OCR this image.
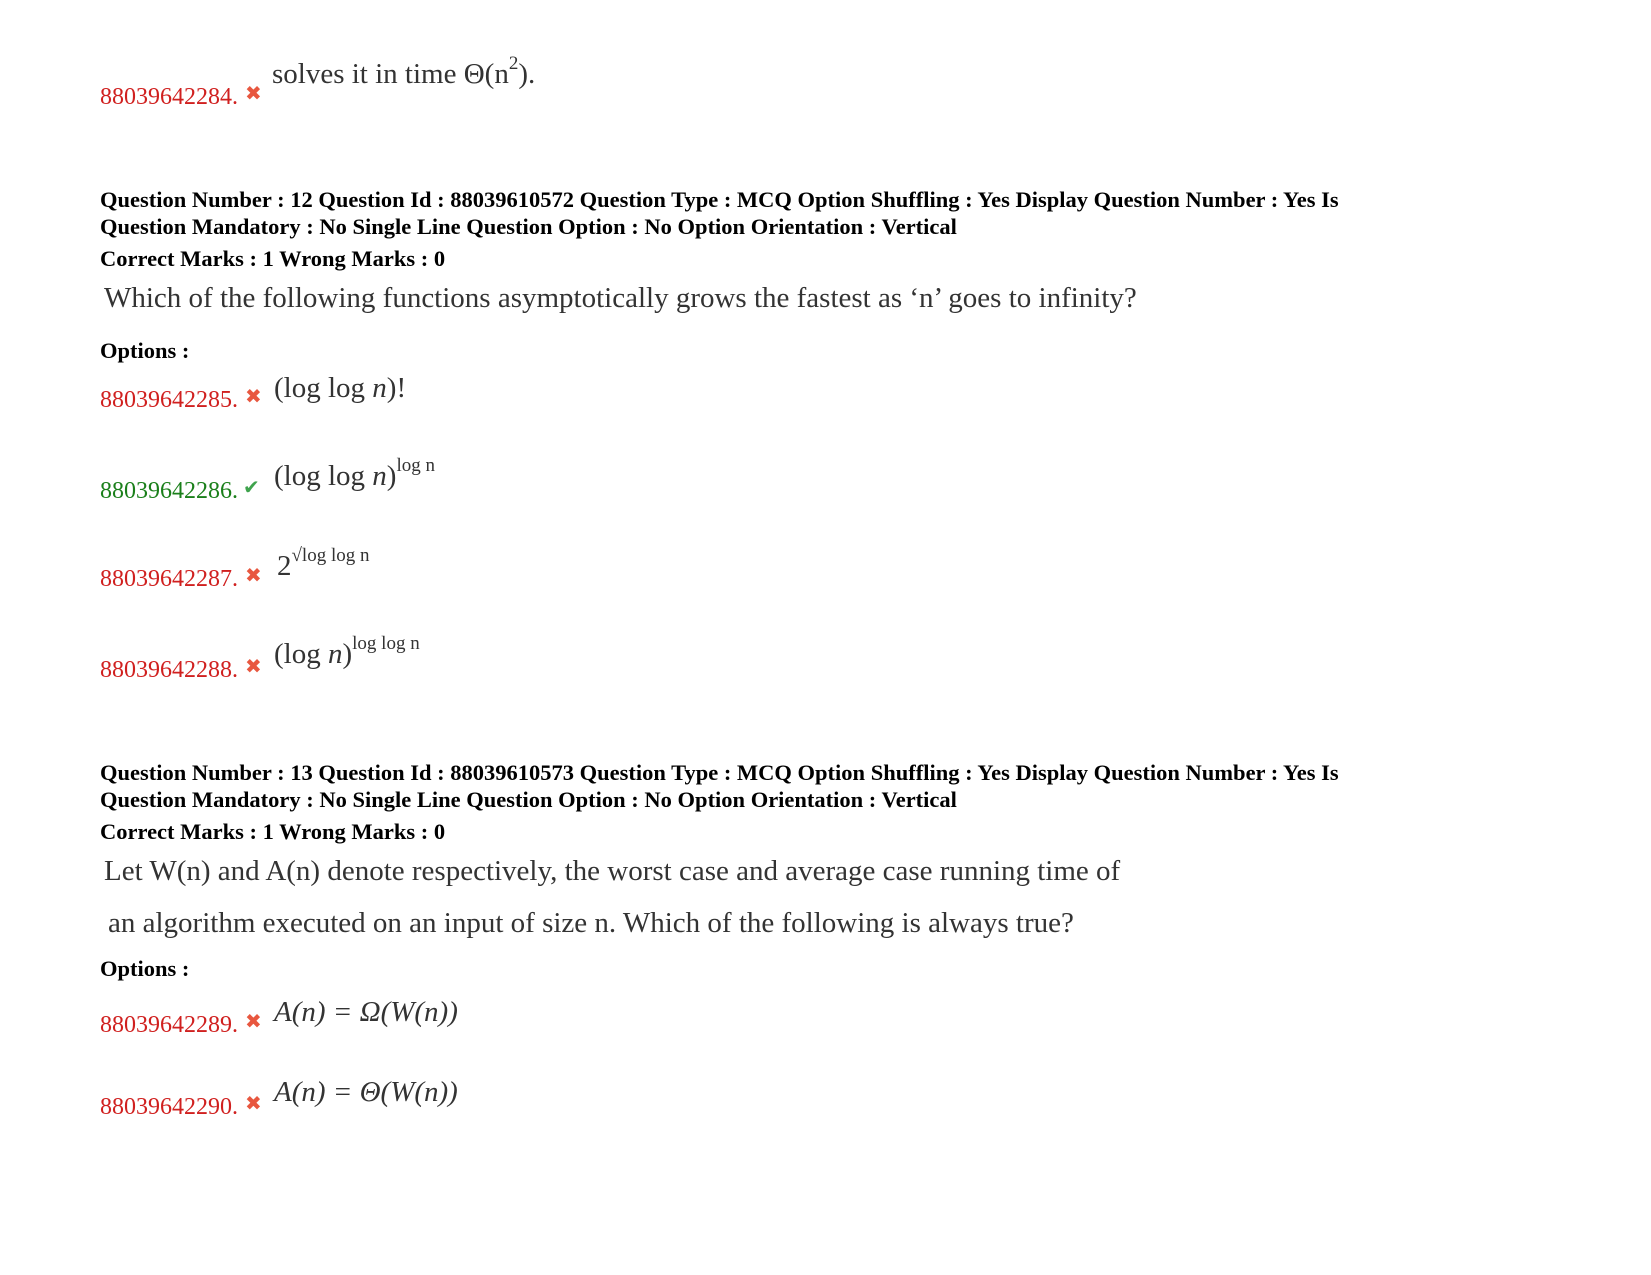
88039642284. ✖
solves it in time $\Theta(n^2)$.
Question Number : 12 Question Id : 88039610572 Question Type : MCQ Option Shuffling : Yes Display Question Number : Yes Is
Question Mandatory : No Single Line Question Option : No Option Orientation : Vertical
Correct Marks : 1 Wrong Marks : 0
Which of the following functions asymptotically grows the fastest as ‘n’ goes to infinity?
Options :
88039642285. ✖ (log log n)!
88039642286. ✔ (log log n)$^{log n}$
88039642287. ✖ $2^{√log log n}$
88039642288. ✖ (log n)$^{log log n}$
Question Number : 13 Question Id : 88039610573 Question Type : MCQ Option Shuffling : Yes Display Question Number : Yes Is
Question Mandatory : No Single Line Question Option : No Option Orientation : Vertical
Correct Marks : 1 Wrong Marks : 0
Let W(n) and A(n) denote respectively, the worst case and average case running time of
an algorithm executed on an input of size n. Which of the following is always true?
Options :
88039642289. ✖ A(n) = Ω(W(n))
88039642290. ✖ A(n) = Θ(W(n))
